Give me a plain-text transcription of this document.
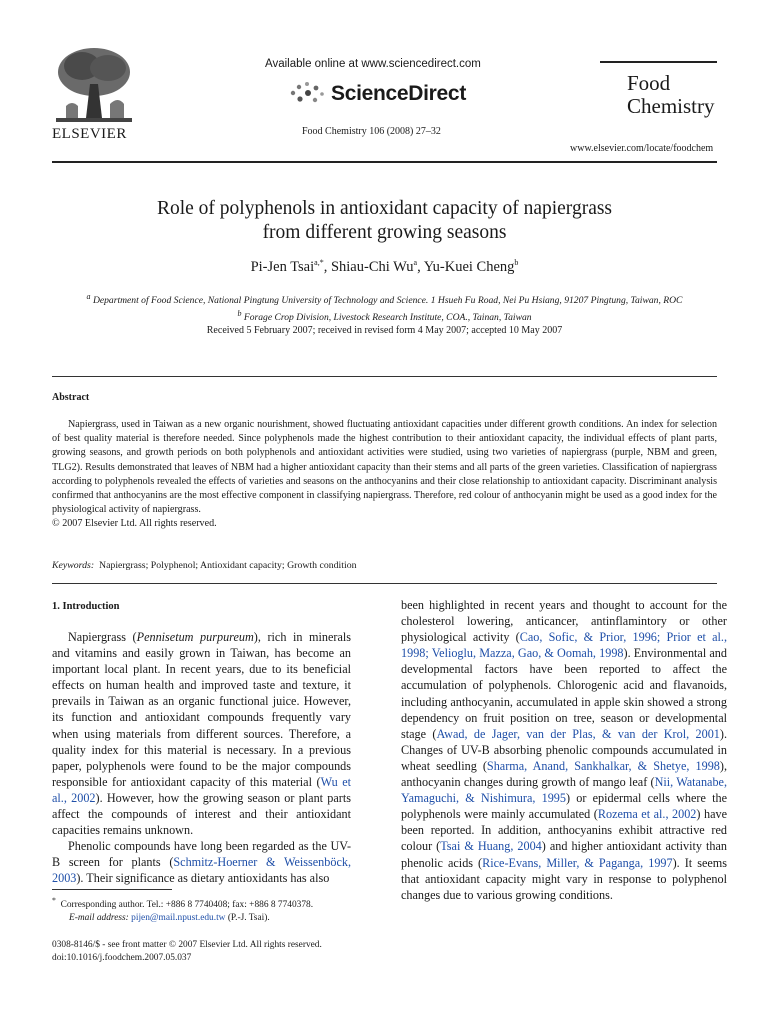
ELSEVIER
Available online at www.sciencedirect.com
ScienceDirect
Food Chemistry 106 (2008) 27–32
Food
Chemistry
www.elsevier.com/locate/foodchem
Role of polyphenols in antioxidant capacity of napiergrass
from different growing seasons
Pi-Jen Tsai$^{a,*}$, Shiau-Chi Wu$^a$, Yu-Kuei Cheng$^b$
$^a$ Department of Food Science, National Pingtung University of Technology and Science. 1 Hsueh Fu Road, Nei Pu Hsiang, 91207 Pingtung, Taiwan, ROC
$^b$ Forage Crop Division, Livestock Research Institute, COA., Tainan, Taiwan
Received 5 February 2007; received in revised form 4 May 2007; accepted 10 May 2007
Abstract

Napiergrass, used in Taiwan as a new organic nourishment, showed fluctuating antioxidant capacities under different growth conditions. An index for selection of best quality material is therefore needed. Since polyphenols made the highest contribution to their antioxidant capacity, the individual effects of plant parts, growing seasons, and growth periods on both polyphenols and antioxidant activities were studied, using two varieties of napiergrass (purple, NBM and green, TLG2). Results demonstrated that leaves of NBM had a higher antioxidant capacity than their stems and all parts of the green varieties. Classification of napiergrass according to polyphenols revealed the effects of varieties and seasons on the anthocyanins and their close relationship to antioxidant capacity. Discriminant analysis confirmed that anthocyanins are the most effective component in classifying napiergrass. Therefore, red colour of anthocyanin might be used as a good index for the physiological activity of napiergrass.

© 2007 Elsevier Ltd. All rights reserved.

Keywords: Napiergrass; Polyphenol; Antioxidant capacity; Growth condition
1. Introduction

Napiergrass (Pennisetum purpureum), rich in minerals and vitamins and easily grown in Taiwan, has become an important local plant. In recent years, due to its beneficial effects on human health and improved taste and texture, it prevails in Taiwan as an organic functional juice. However, its function and antioxidant compounds frequently vary when using materials from different sources. Therefore, a quality index for this material is necessary. In a previous paper, polyphenols were found to be the major compounds responsible for antioxidant capacity of this material (Wu et al., 2002). However, how the growing season or plant parts affect the compounds of interest and their antioxidant capacities remains unknown.

Phenolic compounds have long been regarded as the UV-B screen for plants (Schmitz-Hoerner & Weissenböck, 2003). Their significance as dietary antioxidants has also

been highlighted in recent years and thought to account for the cholesterol lowering, anticancer, antinflamintory or other physiological activity (Cao, Sofic, & Prior, 1996; Prior et al., 1998; Velioglu, Mazza, Gao, & Oomah, 1998). Environmental and developmental factors have been reported to affect the accumulation of polyphenols. Chlorogenic acid and flavanoids, including anthocyanin, accumulated in apple skin showed a strong dependency on fruit position on tree, season or developmental stage (Awad, de Jager, van der Plas, & van der Krol, 2001). Changes of UV-B absorbing phenolic compounds accumulated in wheat seedling (Sharma, Anand, Sankhalkar, & Shetye, 1998), anthocyanin changes during growth of mango leaf (Nii, Watanabe, Yamaguchi, & Nishimura, 1995) or epidermal cells where the polyphenols were mainly accumulated (Rozema et al., 2002) have been reported. In addition, anthocyanins exhibit attractive red colour (Tsai & Huang, 2004) and higher antioxidant activity than phenolic acids (Rice-Evans, Miller, & Paganga, 1997). It seems that antioxidant capacity might vary in response to polyphenol changes due to various growing conditions.

* Corresponding author. Tel.: +886 8 7740408; fax: +886 8 7740378.
E-mail address: pijen@mail.npust.edu.tw (P.-J. Tsai).
0308-8146/$ - see front matter © 2007 Elsevier Ltd. All rights reserved.
doi:10.1016/j.foodchem.2007.05.037
